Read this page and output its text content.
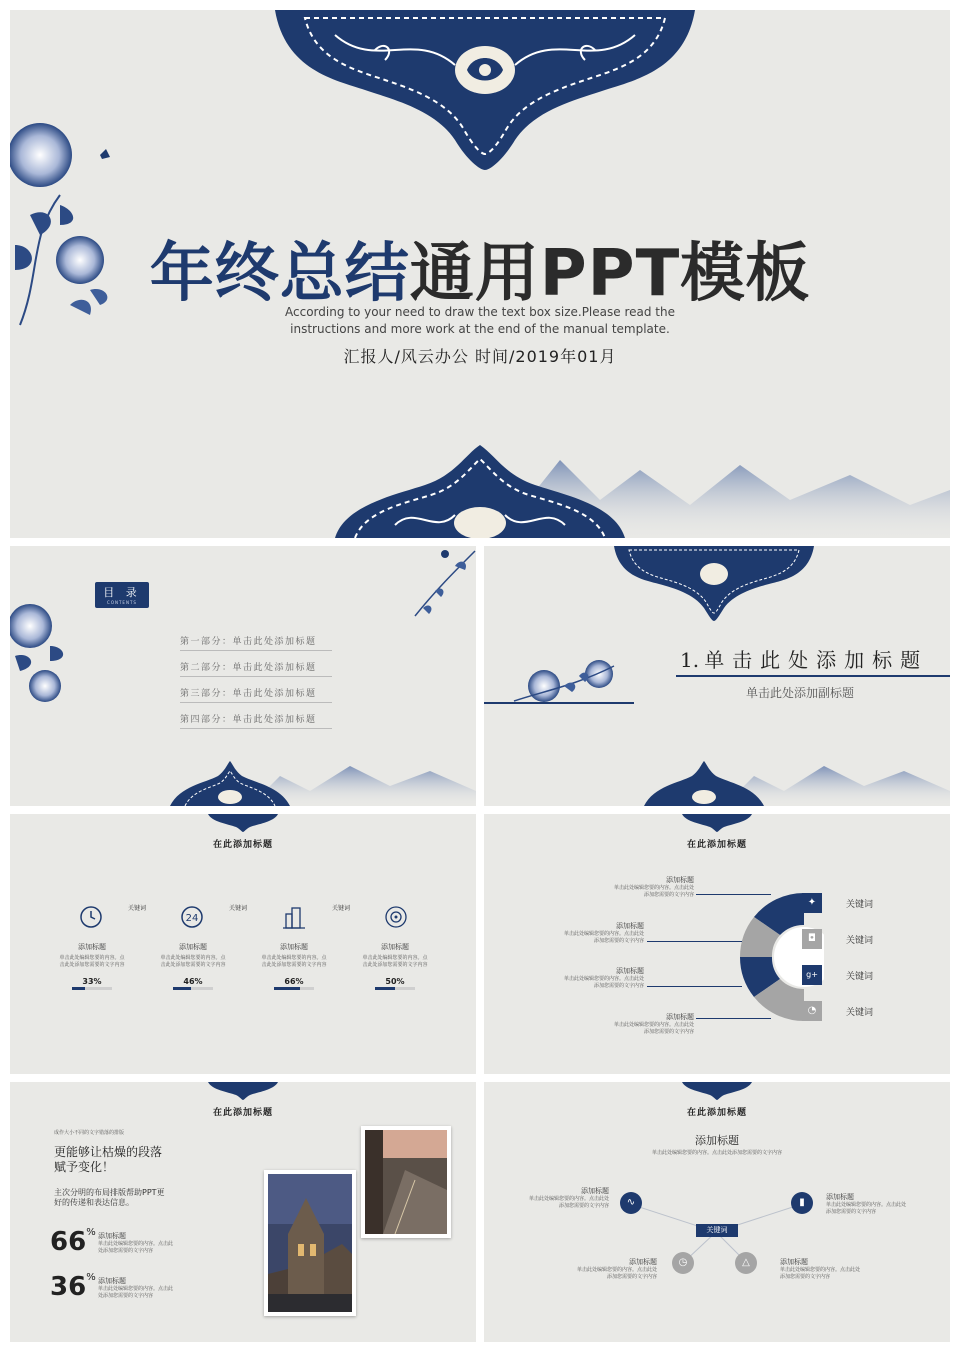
年终总结通用PPT模板
According to your need to draw the text box size.Please read the
instructions and more work at the end of the manual template.
汇报人/风云办公 时间/2019年01月
目 录
CONTENTS
第一部分：单击此处添加标题
第二部分：单击此处添加标题
第三部分：单击此处添加标题
第四部分：单击此处添加标题
1. 单击此处添加标题
单击此处添加副标题
在此添加标题
关键词	关键词	关键词
24
添加标题
单击此处编辑您要的内容。点
击此处添加您需要的文字内容
33%
添加标题
单击此处编辑您要的内容。点
击此处添加您需要的文字内容
46%
添加标题
单击此处编辑您要的内容。点
击此处添加您需要的文字内容
66%
添加标题
单击此处编辑您要的内容。点
击此处添加您需要的文字内容
50%
在此添加标题
✦
◘
g+
◔
关键词
关键词
关键词
关键词
添加标题
单击此处编辑您要的内容。点击此处
添加您需要的文字内容
添加标题
单击此处编辑您要的内容。点击此处
添加您需要的文字内容
添加标题
单击此处编辑您要的内容。点击此处
添加您需要的文字内容
添加标题
单击此处编辑您要的内容。点击此处
添加您需要的文字内容
在此添加标题
成作大小不同的文字错落的排版
更能够让枯燥的段落
赋予变化！
主次分明的布局排版帮助PPT更
好的传递和表达信息。
66% 添加标题
单击此处编辑您要的内容。点击此
处添加您需要的文字内容
36% 添加标题
单击此处编辑您要的内容。点击此
处添加您需要的文字内容
在此添加标题
添加标题
单击此处编辑您要的内容。点击此处添加您需要的文字内容
关键词
∿	▮
◷	△
添加标题
单击此处编辑您要的内容。点击此处
添加您需要的文字内容
添加标题
单击此处编辑您要的内容。点击此处
添加您需要的文字内容
添加标题
单击此处编辑您要的内容。点击此处
添加您需要的文字内容
添加标题
单击此处编辑您要的内容。点击此处
添加您需要的文字内容
